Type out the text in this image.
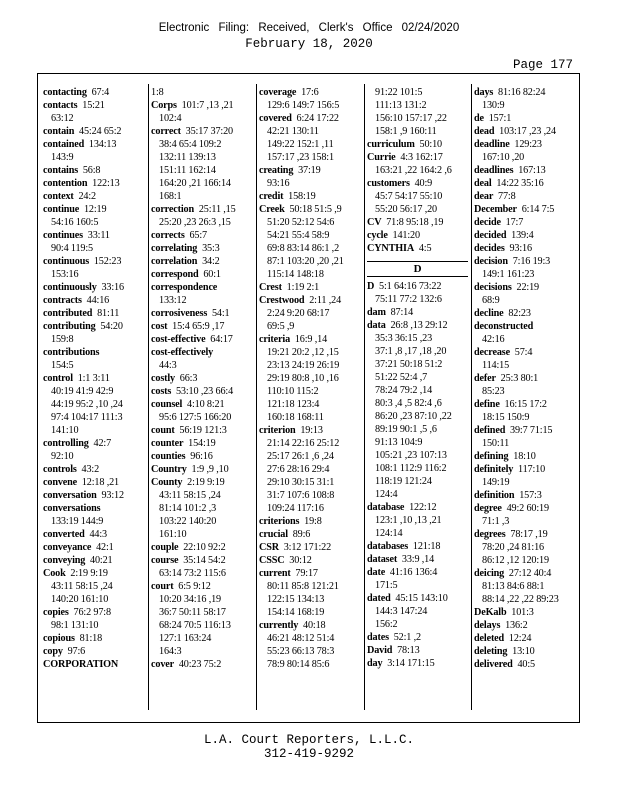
Electronic Filing: Received, Clerk's Office 02/24/2020
February 18, 2020
Page 177
contacting 67:4
contacts 15:21
63:12
contain 45:24 65:2
contained 134:13
143:9
contains 56:8
contention 122:13
context 24:2
continue 12:19
54:16 160:5
continues 33:11
90:4 119:5
continuous 152:23
153:16
continuously 33:16
contracts 44:16
contributed 81:11
contributing 54:20
159:8
contributions
154:5
control 1:1 3:11
40:19 41:9 42:9
44:19 95:2 ,10 ,24
97:4 104:17 111:3
141:10
controlling 42:7
92:10
controls 43:2
convene 12:18 ,21
conversation 93:12
conversations
133:19 144:9
converted 44:3
conveyance 42:1
conveying 40:21
Cook 2:19 9:19
43:11 58:15 ,24
140:20 161:10
copies 76:2 97:8
98:1 131:10
copious 81:18
copy 97:6
CORPORATION
1:8
Corps 101:7 ,13 ,21
102:4
correct 35:17 37:20
38:4 65:4 109:2
132:11 139:13
151:11 162:14
164:20 ,21 166:14
168:1
correction 25:11 ,15
25:20 ,23 26:3 ,15
corrects 65:7
correlating 35:3
correlation 34:2
correspond 60:1
correspondence
133:12
corrosiveness 54:1
cost 15:4 65:9 ,17
cost-effective 64:17
cost-effectively
44:3
costly 66:3
costs 53:10 ,23 66:4
counsel 4:10 8:21
95:6 127:5 166:20
count 56:19 121:3
counter 154:19
counties 96:16
Country 1:9 ,9 ,10
County 2:19 9:19
43:11 58:15 ,24
81:14 101:2 ,3
103:22 140:20
161:10
couple 22:10 92:2
course 35:14 54:2
63:14 73:2 115:6
court 6:5 9:12
10:20 34:16 ,19
36:7 50:11 58:17
68:24 70:5 116:13
127:1 163:24
164:3
cover 40:23 75:2
coverage 17:6
129:6 149:7 156:5
covered 6:24 17:22
42:21 130:11
149:22 152:1 ,11
157:17 ,23 158:1
creating 37:19
93:16
credit 158:19
Creek 50:18 51:5 ,9
51:20 52:12 54:6
54:21 55:4 58:9
69:8 83:14 86:1 ,2
87:1 103:20 ,20 ,21
115:14 148:18
Crest 1:19 2:1
Crestwood 2:11 ,24
2:24 9:20 68:17
69:5 ,9
criteria 16:9 ,14
19:21 20:2 ,12 ,15
23:13 24:19 26:19
29:19 80:8 ,10 ,16
110:10 115:2
121:18 123:4
160:18 168:11
criterion 19:13
21:14 22:16 25:12
25:17 26:1 ,6 ,24
27:6 28:16 29:4
29:10 30:15 31:1
31:7 107:6 108:8
109:24 117:16
criterions 19:8
crucial 89:6
CSR 3:12 171:22
CSSC 30:12
current 79:17
80:11 85:8 121:21
122:15 134:13
154:14 168:19
currently 40:18
46:21 48:12 51:4
55:23 66:13 78:3
78:9 80:14 85:6
91:22 101:5
111:13 131:2
156:10 157:17 ,22
158:1 ,9 160:11
curriculum 50:10
Currie 4:3 162:17
163:21 ,22 164:2 ,6
customers 40:9
45:7 54:17 55:10
55:20 56:17 ,20
CV 71:8 95:18 ,19
cycle 141:20
CYNTHIA 4:5
D
D 5:1 64:16 73:22
75:11 77:2 132:6
dam 87:14
data 26:8 ,13 29:12
35:3 36:15 ,23
37:1 ,8 ,17 ,18 ,20
37:21 50:18 51:2
51:22 52:4 ,7
78:24 79:2 ,14
80:3 ,4 ,5 82:4 ,6
86:20 ,23 87:10 ,22
89:19 90:1 ,5 ,6
91:13 104:9
105:21 ,23 107:13
108:1 112:9 116:2
118:19 121:24
124:4
database 122:12
123:1 ,10 ,13 ,21
124:14
databases 121:18
dataset 33:9 ,14
date 41:16 136:4
171:5
dated 45:15 143:10
144:3 147:24
156:2
dates 52:1 ,2
David 78:13
day 3:14 171:15
days 81:16 82:24
130:9
de 157:1
dead 103:17 ,23 ,24
deadline 129:23
167:10 ,20
deadlines 167:13
deal 14:22 35:16
dear 77:8
December 6:14 7:5
decide 17:7
decided 139:4
decides 93:16
decision 7:16 19:3
149:1 161:23
decisions 22:19
68:9
decline 82:23
deconstructed
42:16
decrease 57:4
114:15
defer 25:3 80:1
85:23
define 16:15 17:2
18:15 150:9
defined 39:7 71:15
150:11
defining 18:10
definitely 117:10
149:19
definition 157:3
degree 49:2 60:19
71:1 ,3
degrees 78:17 ,19
78:20 ,24 81:16
86:12 ,12 120:19
deicing 27:12 40:4
81:13 84:6 88:1
88:14 ,22 ,22 89:23
DeKalb 101:3
delays 136:2
deleted 12:24
deleting 13:10
delivered 40:5
L.A. Court Reporters, L.L.C.
312-419-9292
